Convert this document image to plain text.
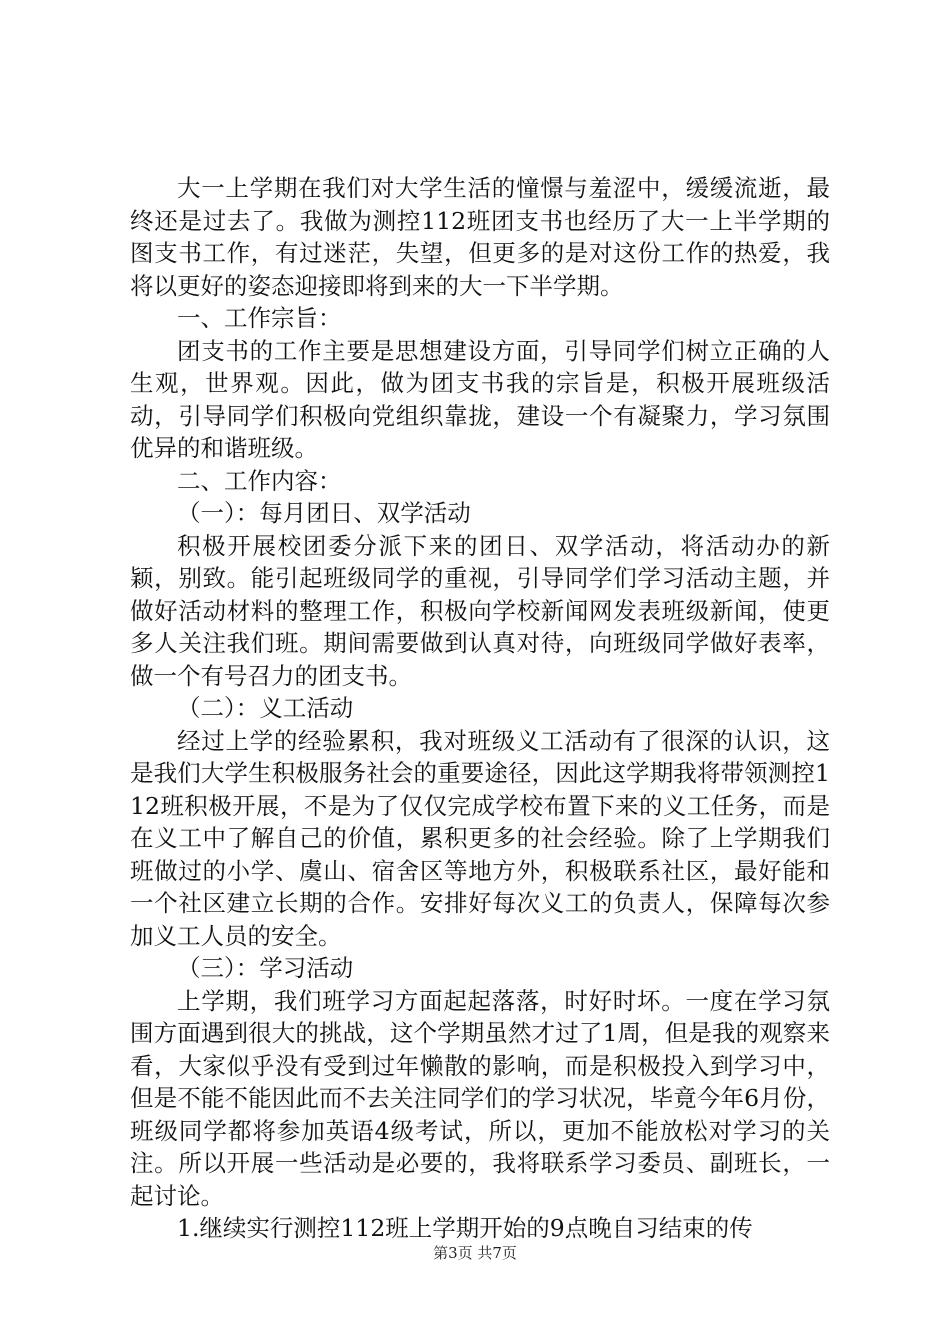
大一上学期在我们对大学生活的憧憬与羞涩中，缓缓流逝，最终还是过去了。我做为测控112班团支书也经历了大一上半学期的图支书工作，有过迷茫，失望，但更多的是对这份工作的热爱，我将以更好的姿态迎接即将到来的大一下半学期。

一、工作宗旨：

团支书的工作主要是思想建设方面，引导同学们树立正确的人生观，世界观。因此，做为团支书我的宗旨是，积极开展班级活动，引导同学们积极向党组织靠拢，建设一个有凝聚力，学习氛围优异的和谐班级。

二、工作内容：

（一）：每月团日、双学活动

积极开展校团委分派下来的团日、双学活动，将活动办的新颖，别致。能引起班级同学的重视，引导同学们学习活动主题，并做好活动材料的整理工作，积极向学校新闻网发表班级新闻，使更多人关注我们班。期间需要做到认真对待，向班级同学做好表率，做一个有号召力的团支书。

（二）：义工活动

经过上学的经验累积，我对班级义工活动有了很深的认识，这是我们大学生积极服务社会的重要途径，因此这学期我将带领测控112班积极开展，不是为了仅仅完成学校布置下来的义工任务，而是在义工中了解自己的价值，累积更多的社会经验。除了上学期我们班做过的小学、虞山、宿舍区等地方外，积极联系社区，最好能和一个社区建立长期的合作。安排好每次义工的负责人，保障每次参加义工人员的安全。

（三）：学习活动

上学期，我们班学习方面起起落落，时好时坏。一度在学习氛围方面遇到很大的挑战，这个学期虽然才过了1周，但是我的观察来看，大家似乎没有受到过年懒散的影响，而是积极投入到学习中，但是不能不能因此而不去关注同学们的学习状况，毕竟今年6月份，班级同学都将参加英语4级考试，所以，更加不能放松对学习的关注。所以开展一些活动是必要的，我将联系学习委员、副班长，一起讨论。

1.继续实行测控112班上学期开始的9点晚自习结束的传

第3页 共7页
